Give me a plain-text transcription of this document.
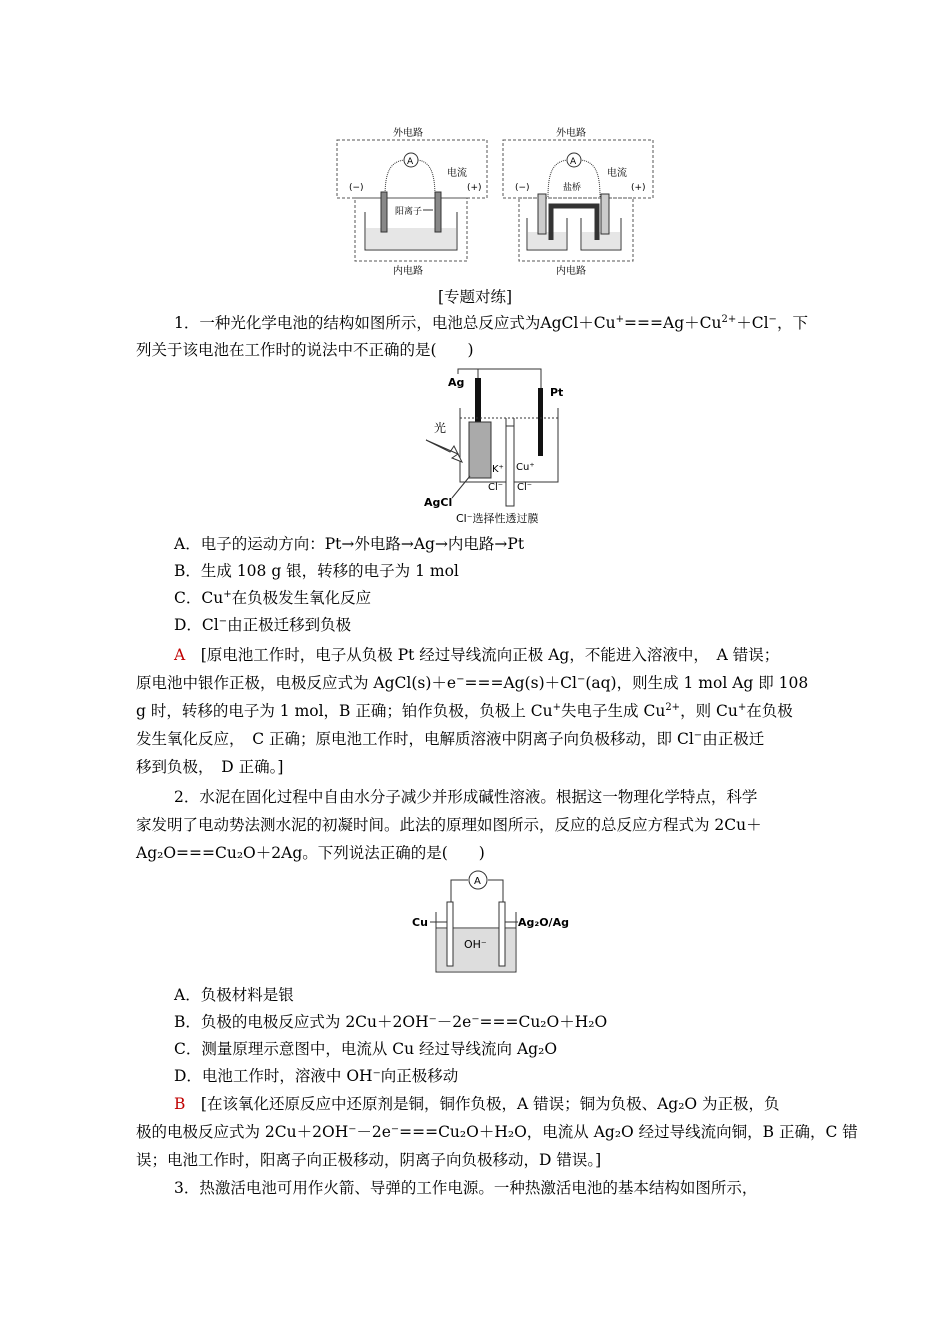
外电路
内电路
A
电流
(−)	(+)
阳离子
外电路
内电路
A
电流
(−)	(+)
盐桥
[专题对练]
1．一种光化学电池的结构如图所示，电池总反应式为$AgCl+Cu^+===Ag+Cu^{2+}+Cl^-$，下
列关于该电池在工作时的说法中不正确的是(　　)
Ag
Pt
光
K⁺ Cu⁺
Cl⁻ Cl⁻
AgCl
Cl⁻选择性透过膜
A．电子的运动方向：Pt→外电路→Ag→内电路→Pt
B．生成 108 g 银，转移的电子为 1 mol
C．Cu+在负极发生氧化反应
D．Cl−由正极迁移到负极
A　 [原电池工作时，电子从负极 Pt 经过导线流向正极 Ag，不能进入溶液中，　A 错误；
原电池中银作正极，电极反应式为 AgCl(s)＋e−===Ag(s)＋Cl−(aq)，则生成 1 mol Ag 即 108
g 时，转移的电子为 1 mol，B 正确；铂作负极，负极上 Cu+失电子生成 $Cu^{2+}$，则 Cu+在负极
发生氧化反应，　C 正确；原电池工作时，电解质溶液中阴离子向负极移动，即 Cl−由正极迁
移到负极，　D 正确。]
2．水泥在固化过程中自由水分子减少并形成碱性溶液。根据这一物理化学特点，科学
家发明了电动势法测水泥的初凝时间。此法的原理如图所示，反应的总反应方程式为 2Cu＋
Ag₂O===Cu₂O＋2Ag。下列说法正确的是(　　)
A
Cu	Ag₂O/Ag
OH⁻
A．负极材料是银
B．负极的电极反应式为 2Cu＋2OH⁻－2e⁻===Cu₂O＋H₂O
C．测量原理示意图中，电流从 Cu 经过导线流向 Ag₂O
D．电池工作时，溶液中 OH⁻向正极移动
B　 [在该氧化还原反应中还原剂是铜，铜作负极，A 错误；铜为负极、Ag₂O 为正极，负
极的电极反应式为 2Cu＋2OH⁻－2e⁻===Cu₂O＋H₂O，电流从 Ag₂O 经过导线流向铜，B 正确，C 错
误；电池工作时，阳离子向正极移动，阴离子向负极移动，D 错误。]
3．热激活电池可用作火箭、导弹的工作电源。一种热激活电池的基本结构如图所示，
